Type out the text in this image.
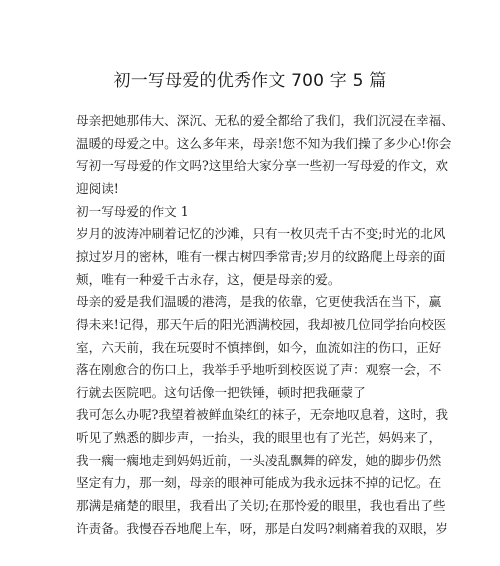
初一写母爱的优秀作文 700 字 5 篇
母亲把她那伟大、深沉、无私的爱全都给了我们，我们沉浸在幸福、
温暖的母爱之中。这么多年来，母亲!您不知为我们操了多少心!你会
写初一写母爱的作文吗?这里给大家分享一些初一写母爱的作文，欢
迎阅读!
初一写母爱的作文 1
岁月的波涛冲刷着记忆的沙滩，只有一枚贝壳千古不变;时光的北风
掠过岁月的密林，唯有一棵古树四季常青;岁月的纹路爬上母亲的面
颊，唯有一种爱千古永存，这，便是母亲的爱。
母亲的爱是我们温暖的港湾，是我的依靠，它更使我活在当下，赢
得未来!记得，那天午后的阳光洒满校园，我却被几位同学抬向校医
室，六天前，我在玩耍时不慎摔倒，如今，血流如注的伤口，正好
落在刚愈合的伤口上，我举手乎地听到校医说了声：观察一会，不
行就去医院吧。这句话像一把铁锤，顿时把我砸蒙了
我可怎么办呢?我望着被鲜血染红的袜子，无奈地叹息着，这时，我
听见了熟悉的脚步声，一抬头，我的眼里也有了光芒，妈妈来了，
我一瘸一瘸地走到妈妈近前，一头凌乱飘舞的碎发，她的脚步仍然
坚定有力，那一刻，母亲的眼神可能成为我永远抹不掉的记忆。在
那满是痛楚的眼里，我看出了关切;在那怜爱的眼里，我也看出了些
许责备。我慢吞吞地爬上车，呀，那是白发吗?刺痛着我的双眼，岁
